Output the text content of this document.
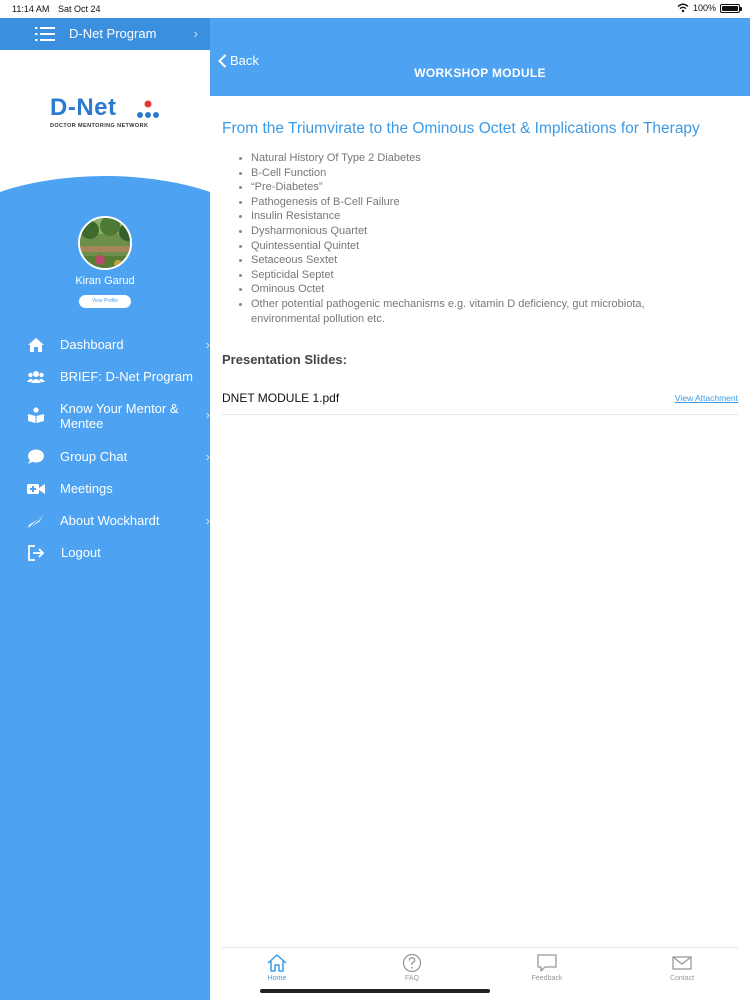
11:14 AM Sat Oct 24	100%
D-Net Program	›
D-Net
DOCTOR MENTORING NETWORK
Kiran Garud
View Profile
Dashboard	›
BRIEF: D-Net Program
Know Your Mentor & Mentee
›
Group Chat	›
Meetings
About Wockhardt	›
Logout
Back
WORKSHOP MODULE
From the Triumvirate to the Ominous Octet & Implications for Therapy
Natural History Of Type 2 Diabetes
B-Cell Function
“Pre-Diabetes”
Pathogenesis of B-Cell Failure
Insulin Resistance
Dysharmonious Quartet
Quintessential Quintet
Setaceous Sextet
Septicidal Septet
Ominous Octet
Other potential pathogenic mechanisms e.g. vitamin D deficiency, gut microbiota, environmental pollution etc.
Presentation Slides:
DNET MODULE 1.pdf	View Attachment
Home	FAQ	Feedback	Contact
